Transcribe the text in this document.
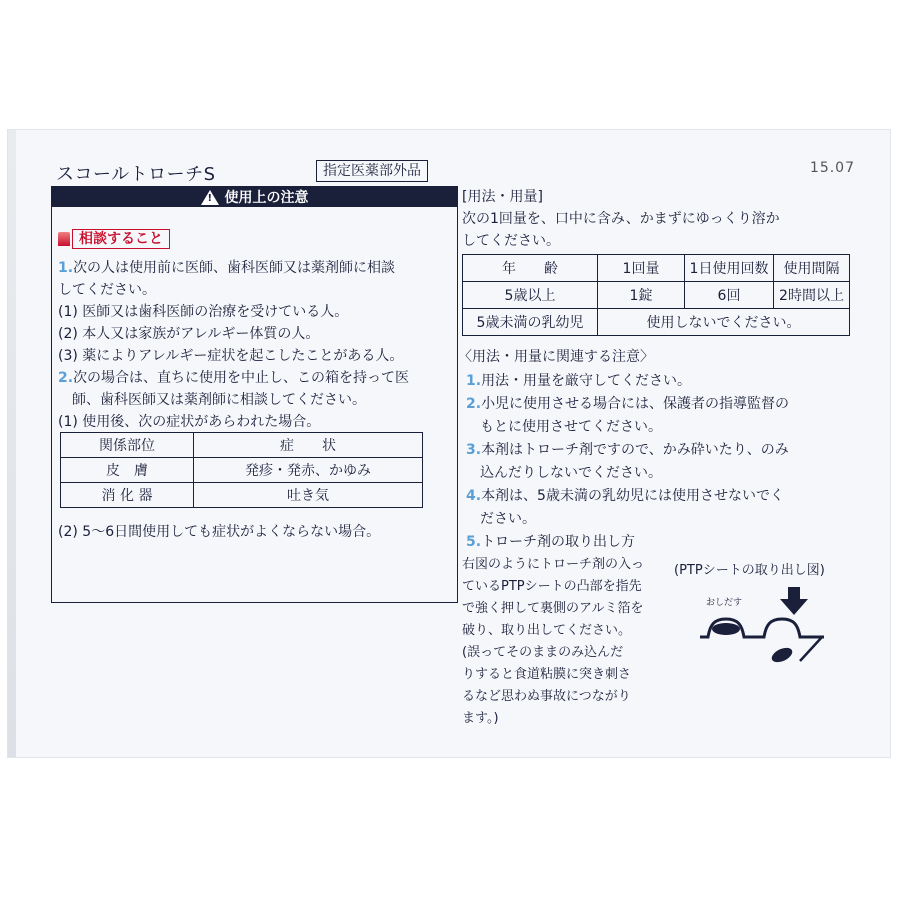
スコールトローチS	指定医薬部外品	15.07
! 使用上の注意
相談すること
1.次の人は使用前に医師、歯科医師又は薬剤師に相談
してください。
(1) 医師又は歯科医師の治療を受けている人。
(2) 本人又は家族がアレルギー体質の人。
(3) 薬によりアレルギー症状を起こしたことがある人。
2.次の場合は、直ちに使用を中止し、この箱を持って医
師、歯科医師又は薬剤師に相談してください。
(1) 使用後、次の症状があらわれた場合。
関係部位	症　　状
皮　膚	発疹・発赤、かゆみ
消 化 器	吐き気
(2) 5〜6日間使用しても症状がよくならない場合。
[用法・用量]
次の1回量を、口中に含み、かまずにゆっくり溶か
してください。
年　　齢	1回量	1日使用回数	使用間隔
5歳以上	1錠	6回	2時間以上
5歳未満の乳幼児	使用しないでください。		
〈用法・用量に関連する注意〉
1.用法・用量を厳守してください。
2.小児に使用させる場合には、保護者の指導監督の
もとに使用させてください。
3.本剤はトローチ剤ですので、かみ砕いたり、のみ
込んだりしないでください。
4.本剤は、5歳未満の乳幼児には使用させないでく
ださい。
5.トローチ剤の取り出し方
右図のようにトローチ剤の入っ
ているPTPシートの凸部を指先
で強く押して裏側のアルミ箔を
破り、取り出してください。
(誤ってそのままのみ込んだ
りすると食道粘膜に突き刺さ
るなど思わぬ事故につながり
ます。)
(PTPシートの取り出し図)
おしだす
